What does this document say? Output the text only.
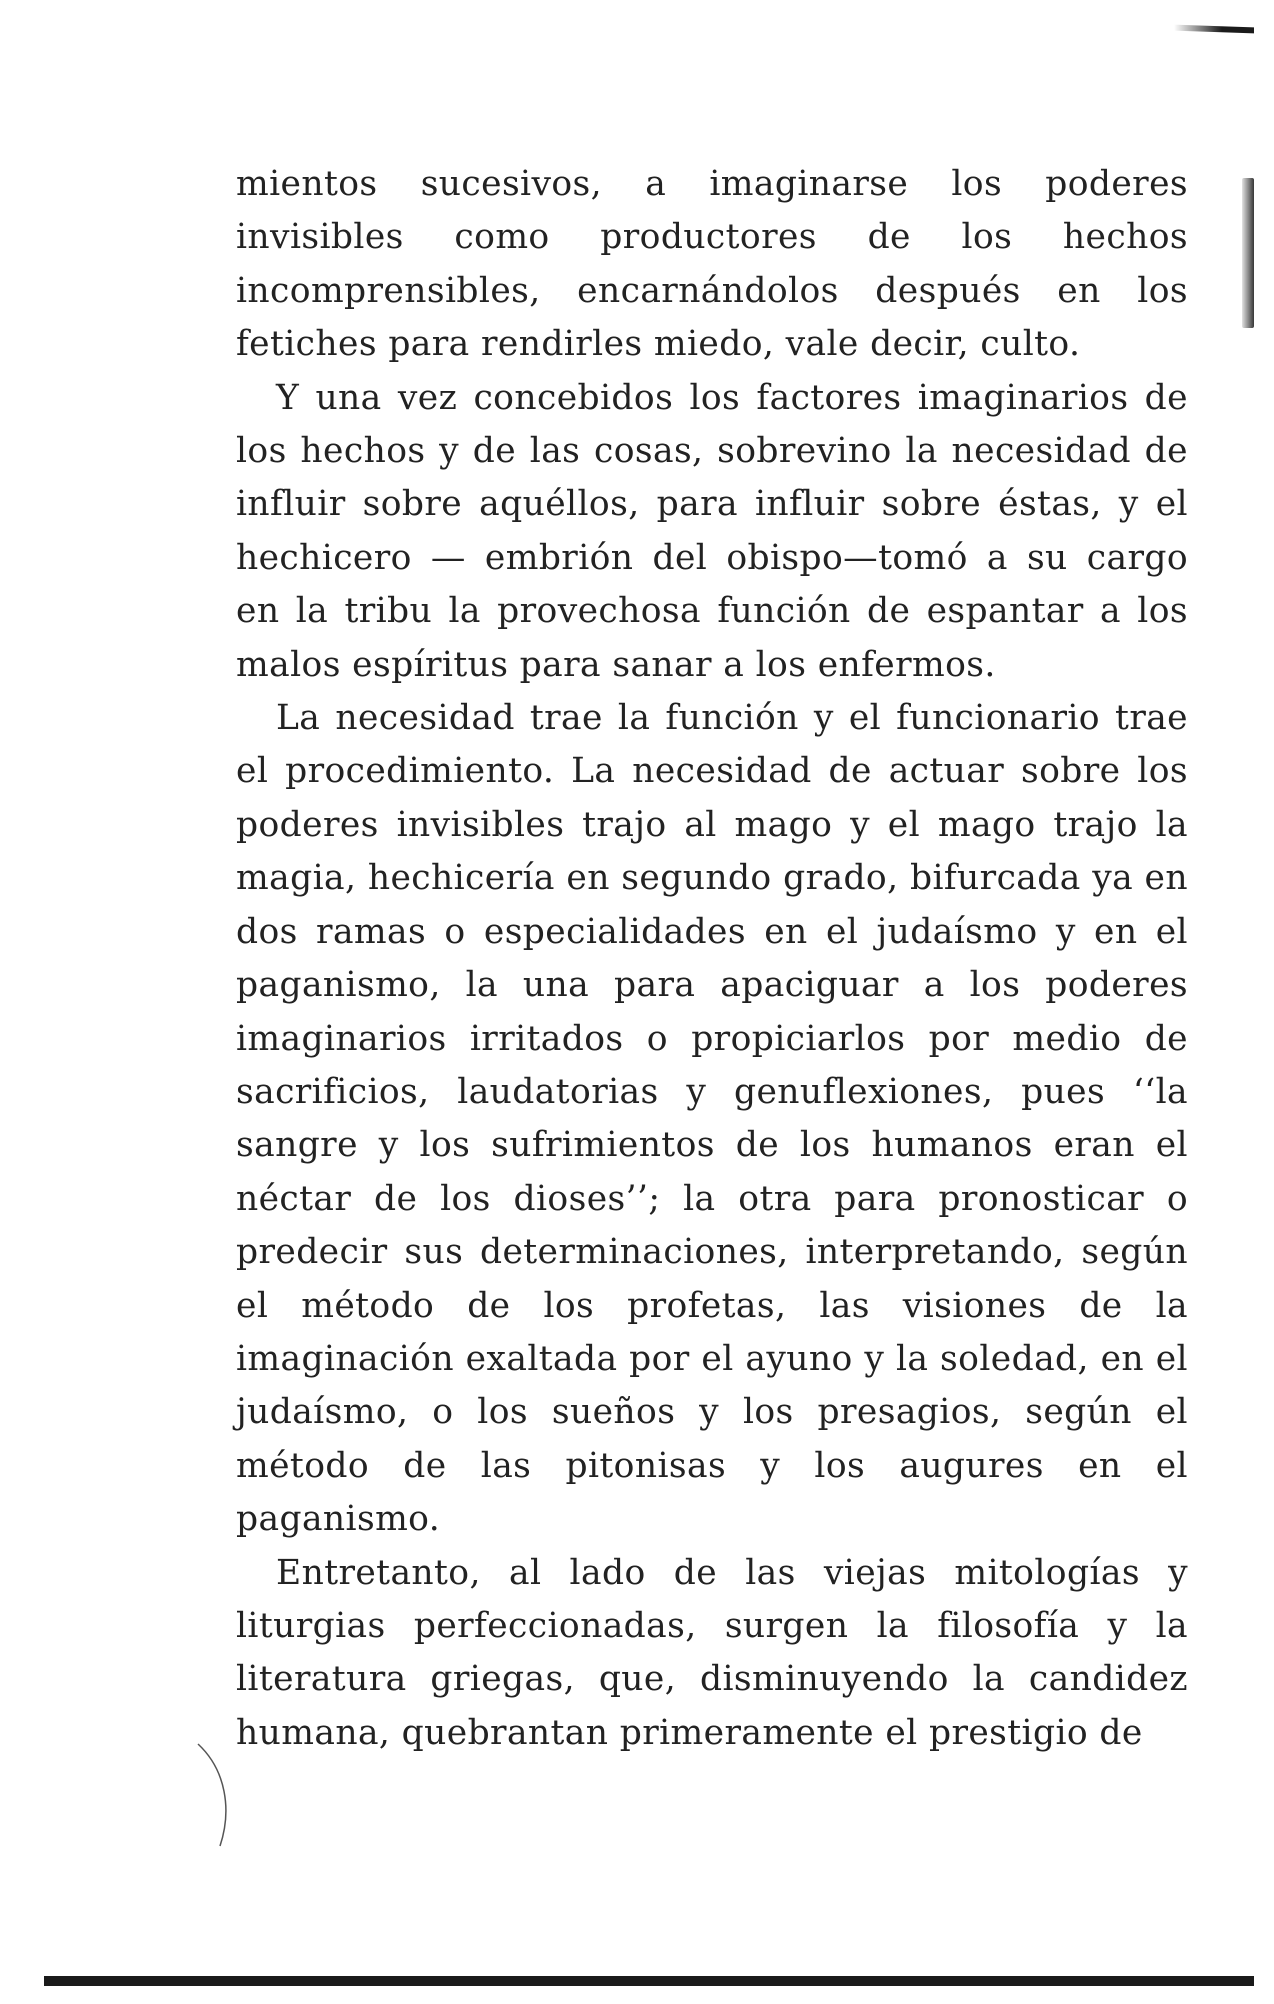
mientos sucesivos, a imaginarse los poderes invisibles como productores de los hechos incomprensibles, encarnándolos después en los fetiches para rendirles miedo, vale decir, culto.

Y una vez concebidos los factores imaginarios de los hechos y de las cosas, sobrevino la necesidad de influir sobre aquéllos, para influir sobre éstas, y el hechicero — embrión del obispo—tomó a su cargo en la tribu la provechosa función de espantar a los malos espíritus para sanar a los enfermos.

La necesidad trae la función y el funcionario trae el procedimiento. La necesidad de actuar sobre los poderes invisibles trajo al mago y el mago trajo la magia, hechicería en segundo grado, bifurcada ya en dos ramas o especialidades en el judaísmo y en el paganismo, la una para apaciguar a los poderes imaginarios irritados o propiciarlos por medio de sacrificios, laudatorias y genuflexiones, pues ‘‘la sangre y los sufrimientos de los humanos eran el néctar de los dioses’’; la otra para pronosticar o predecir sus determinaciones, interpretando, según el método de los profetas, las visiones de la imaginación exaltada por el ayuno y la soledad, en el judaísmo, o los sueños y los presagios, según el método de las pitonisas y los augures en el paganismo.

Entretanto, al lado de las viejas mitologías y liturgias perfeccionadas, surgen la filosofía y la literatura griegas, que, disminuyendo la candidez humana, quebrantan primeramente el prestigio de
